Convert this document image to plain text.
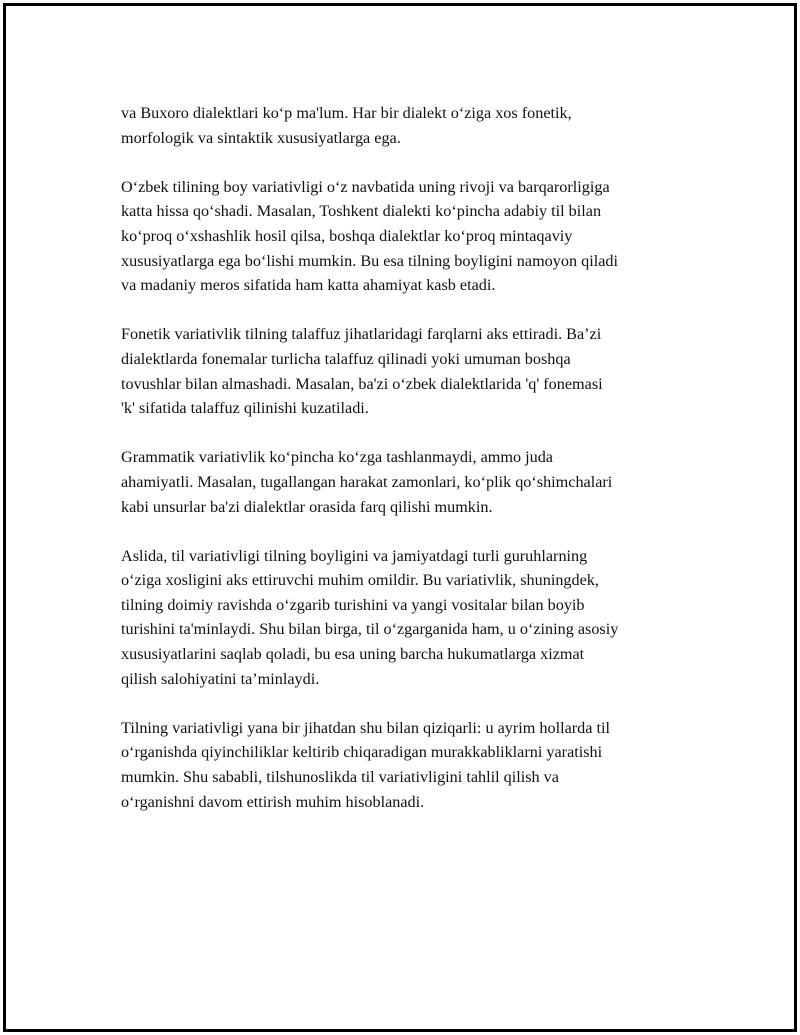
va Buxoro dialektlari koʻp ma'lum. Har bir dialekt oʻziga xos fonetik,
morfologik va sintaktik xususiyatlarga ega.

Oʻzbek tilining boy variativligi oʻz navbatida uning rivoji va barqarorligiga
katta hissa qoʻshadi. Masalan, Toshkent dialekti koʻpincha adabiy til bilan
koʻproq oʻxshashlik hosil qilsa, boshqa dialektlar koʻproq mintaqaviy
xususiyatlarga ega boʻlishi mumkin. Bu esa tilning boyligini namoyon qiladi
va madaniy meros sifatida ham katta ahamiyat kasb etadi.

Fonetik variativlik tilning talaffuz jihatlaridagi farqlarni aks ettiradi. Baʼzi
dialektlarda fonemalar turlicha talaffuz qilinadi yoki umuman boshqa
tovushlar bilan almashadi. Masalan, ba'zi oʻzbek dialektlarida 'q' fonemasi
'k' sifatida talaffuz qilinishi kuzatiladi.

Grammatik variativlik koʻpincha koʻzga tashlanmaydi, ammo juda
ahamiyatli. Masalan, tugallangan harakat zamonlari, koʻplik qoʻshimchalari
kabi unsurlar ba'zi dialektlar orasida farq qilishi mumkin.

Aslida, til variativligi tilning boyligini va jamiyatdagi turli guruhlarning
oʻziga xosligini aks ettiruvchi muhim omildir. Bu variativlik, shuningdek,
tilning doimiy ravishda oʻzgarib turishini va yangi vositalar bilan boyib
turishini ta'minlaydi. Shu bilan birga, til oʻzgarganida ham, u oʻzining asosiy
xususiyatlarini saqlab qoladi, bu esa uning barcha hukumatlarga xizmat
qilish salohiyatini taʼminlaydi.

Tilning variativligi yana bir jihatdan shu bilan qiziqarli: u ayrim hollarda til
oʻrganishda qiyinchiliklar keltirib chiqaradigan murakkabliklarni yaratishi
mumkin. Shu sababli, tilshunoslikda til variativligini tahlil qilish va
oʻrganishni davom ettirish muhim hisoblanadi.
